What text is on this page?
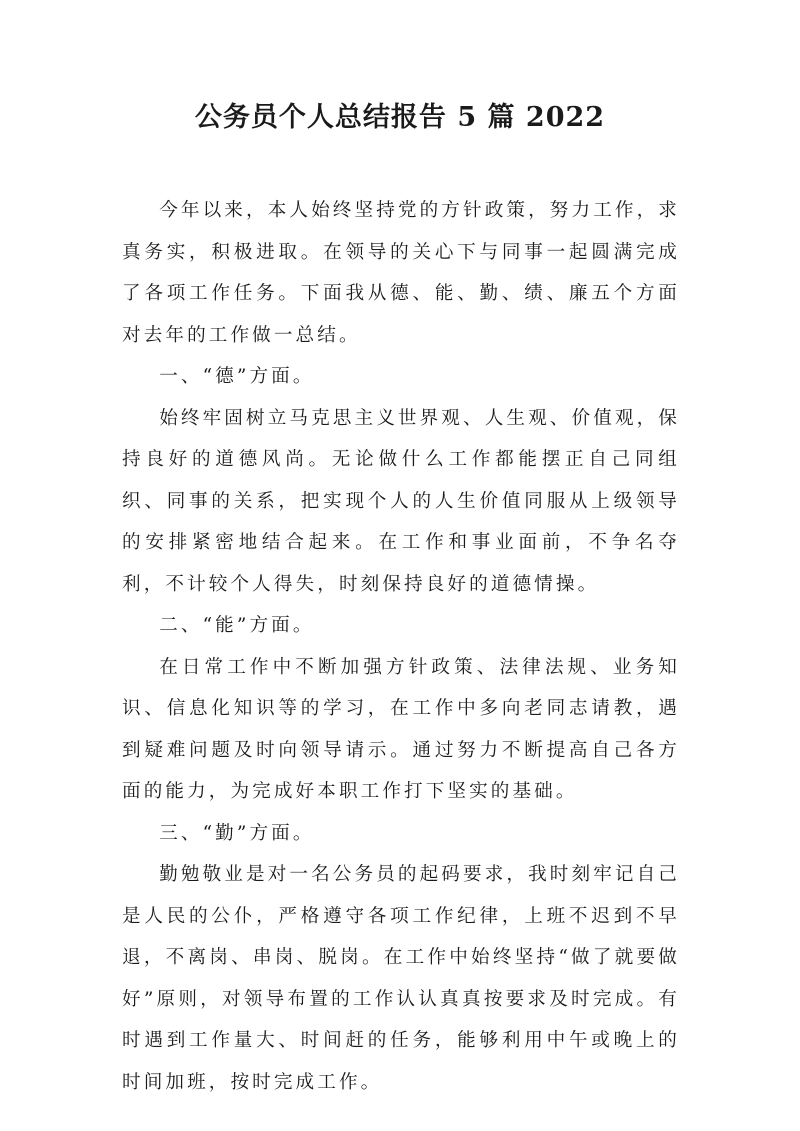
公务员个人总结报告 5 篇 2022

今年以来，本人始终坚持党的方针政策，努力工作，求真务实，积极进取。在领导的关心下与同事一起圆满完成了各项工作任务。下面我从德、能、勤、绩、廉五个方面对去年的工作做一总结。

一、“德”方面。

始终牢固树立马克思主义世界观、人生观、价值观，保持良好的道德风尚。无论做什么工作都能摆正自己同组织、同事的关系，把实现个人的人生价值同服从上级领导的安排紧密地结合起来。在工作和事业面前，不争名夺利，不计较个人得失，时刻保持良好的道德情操。

二、“能”方面。

在日常工作中不断加强方针政策、法律法规、业务知识、信息化知识等的学习，在工作中多向老同志请教，遇到疑难问题及时向领导请示。通过努力不断提高自己各方面的能力，为完成好本职工作打下坚实的基础。

三、“勤”方面。

勤勉敬业是对一名公务员的起码要求，我时刻牢记自己是人民的公仆，严格遵守各项工作纪律，上班不迟到不早退，不离岗、串岗、脱岗。在工作中始终坚持“做了就要做好”原则，对领导布置的工作认认真真按要求及时完成。有时遇到工作量大、时间赶的任务，能够利用中午或晚上的时间加班，按时完成工作。
